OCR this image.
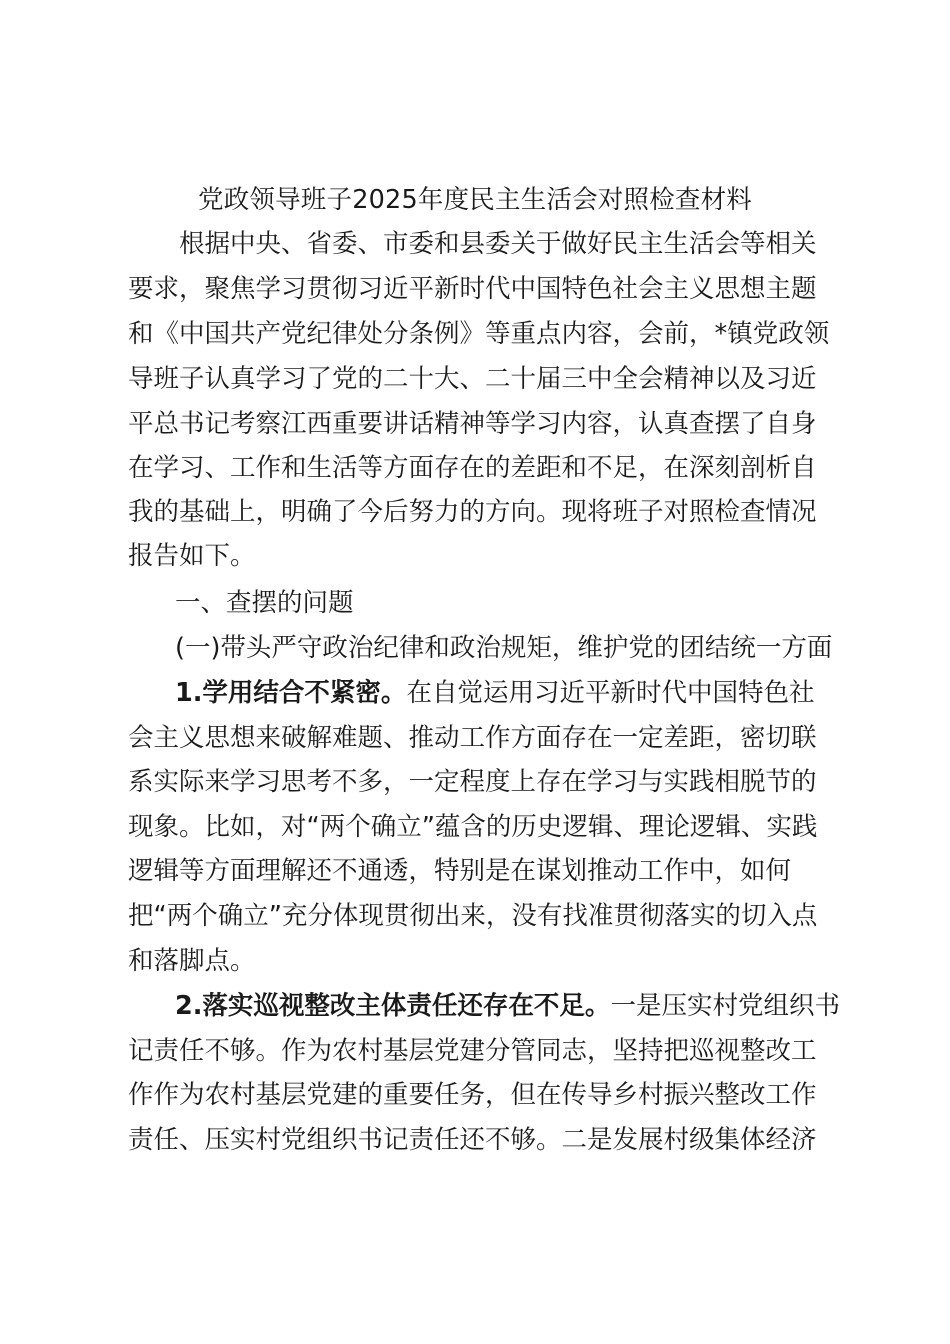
党政领导班子2025年度民主生活会对照检查材料

根据中央、省委、市委和县委关于做好民主生活会等相关

要求，聚焦学习贯彻习近平新时代中国特色社会主义思想主题

和《中国共产党纪律处分条例》等重点内容，会前，*镇党政领

导班子认真学习了党的二十大、二十届三中全会精神以及习近

平总书记考察江西重要讲话精神等学习内容，认真查摆了自身

在学习、工作和生活等方面存在的差距和不足，在深刻剖析自

我的基础上，明确了今后努力的方向。现将班子对照检查情况

报告如下。

一、查摆的问题

(一)带头严守政治纪律和政治规矩，维护党的团结统一方面

1.学用结合不紧密。在自觉运用习近平新时代中国特色社

会主义思想来破解难题、推动工作方面存在一定差距，密切联

系实际来学习思考不多，一定程度上存在学习与实践相脱节的

现象。比如，对“两个确立”蕴含的历史逻辑、理论逻辑、实践

逻辑等方面理解还不通透，特别是在谋划推动工作中，如何

把“两个确立”充分体现贯彻出来，没有找准贯彻落实的切入点

和落脚点。

2.落实巡视整改主体责任还存在不足。一是压实村党组织书

记责任不够。作为农村基层党建分管同志，坚持把巡视整改工

作作为农村基层党建的重要任务，但在传导乡村振兴整改工作

责任、压实村党组织书记责任还不够。二是发展村级集体经济
